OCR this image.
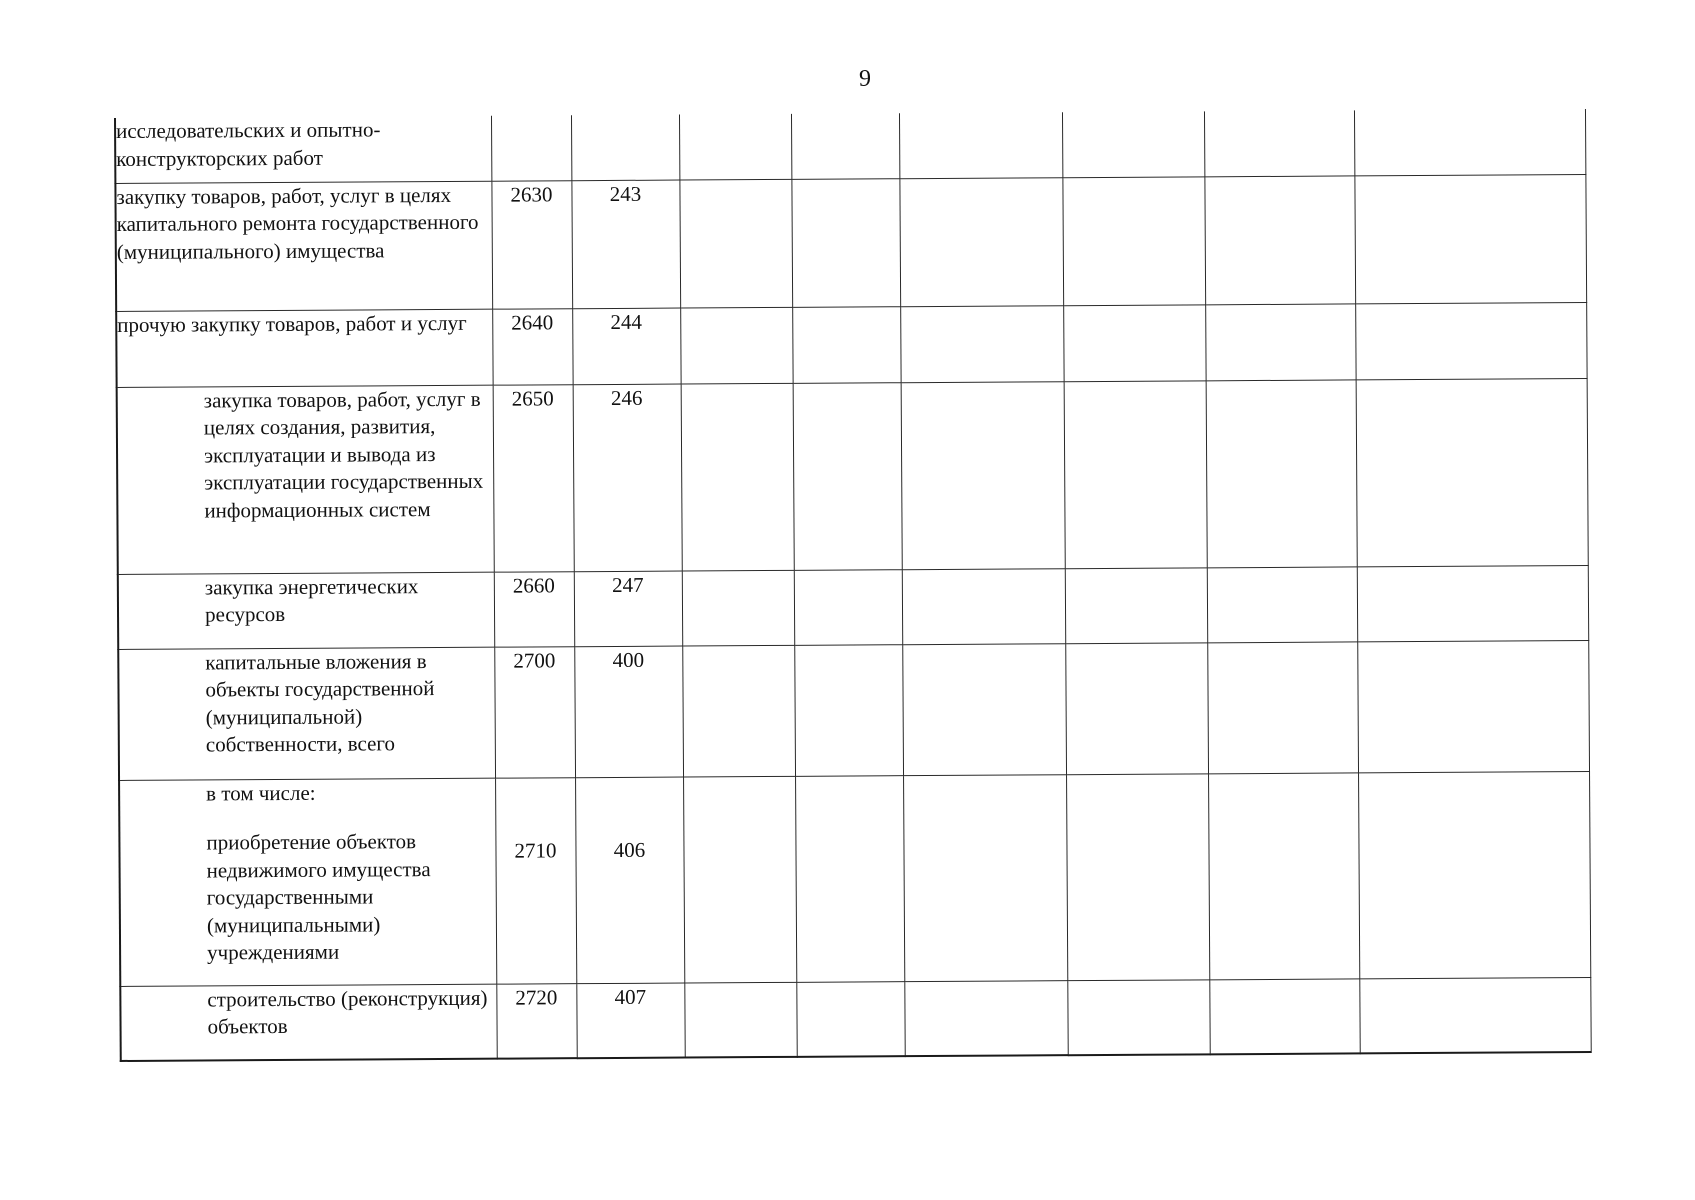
9
исследовательских и опытно-конструкторских работ								
закупку товаров, работ, услуг в целях капитального ремонта государственного (муниципального) имущества	2630	243						
прочую закупку товаров, работ и услуг	2640	244						
закупка товаров, работ, услуг в целях создания, развития, эксплуатации и вывода из эксплуатации государственных информационных систем	2650	246						
закупка энергетических ресурсов	2660	247						
капитальные вложения в объекты государственной (муниципальной) собственности, всего	2700	400						

в том числе:
приобретение объектов недвижимого имущества государственными (муниципальными) учреждениями	2710	406						
строительство (реконструкция) объектов	2720	407						
